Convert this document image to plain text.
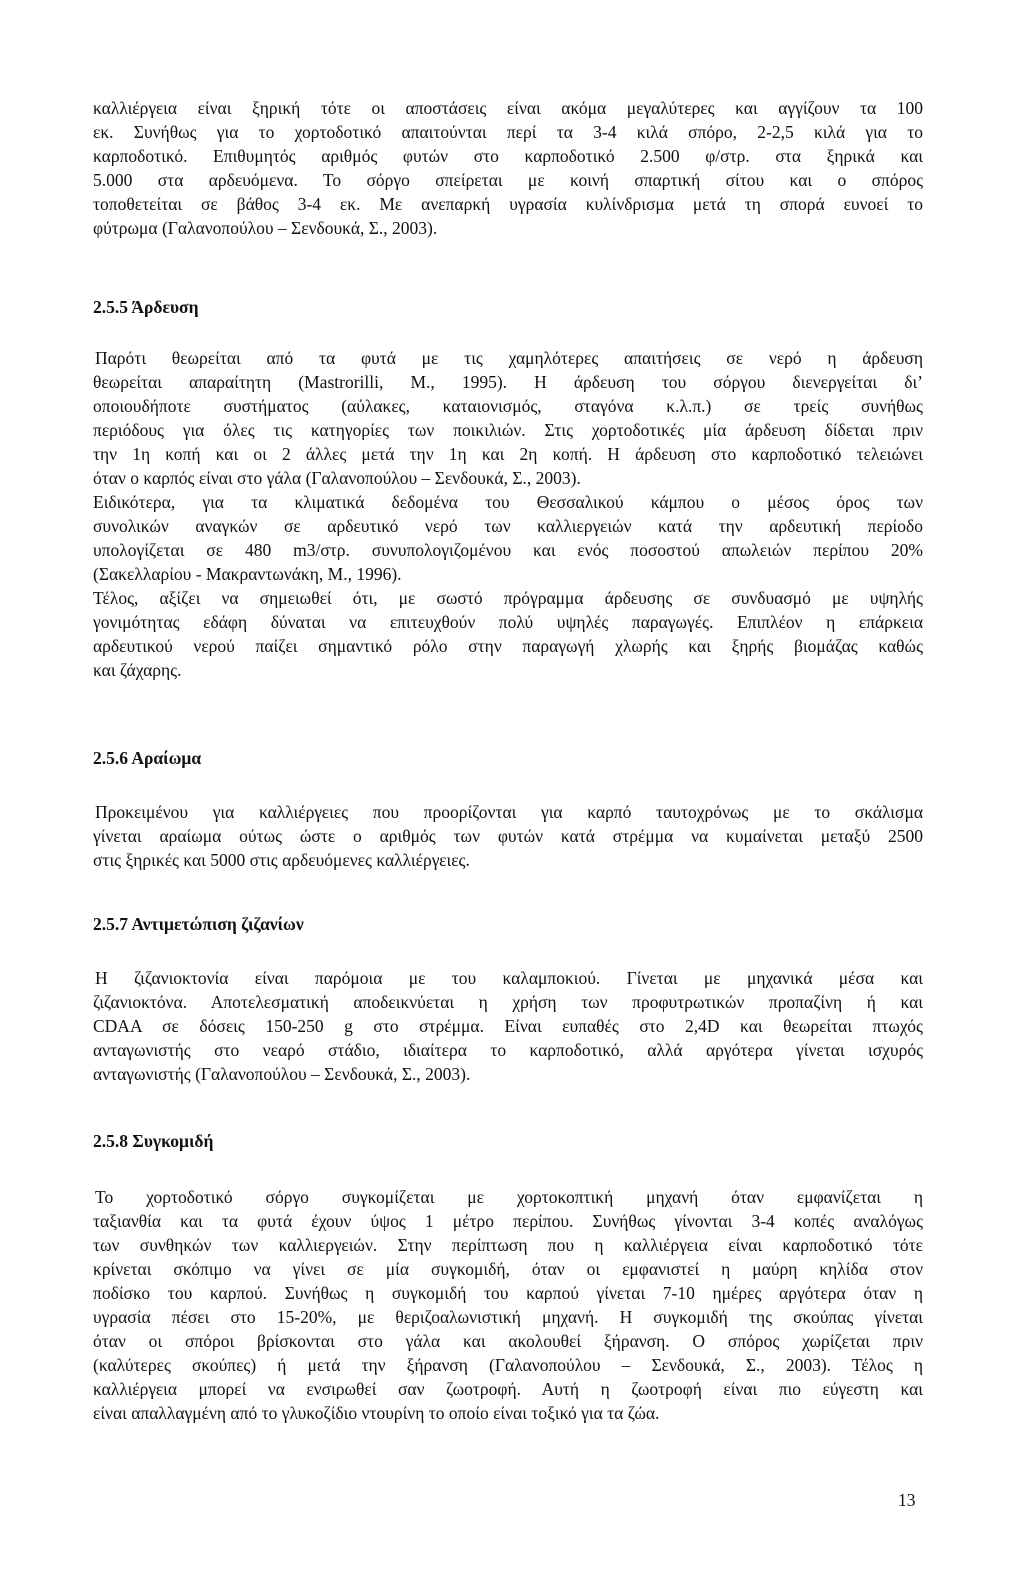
καλλιέργεια είναι ξηρική τότε οι αποστάσεις είναι ακόμα μεγαλύτερες και αγγίζουν τα 100
εκ. Συνήθως για το χορτοδοτικό απαιτούνται περί τα 3-4 κιλά σπόρο, 2-2,5 κιλά για το
καρποδοτικό. Επιθυμητός αριθμός φυτών στο καρποδοτικό 2.500 φ/στρ. στα ξηρικά και
5.000 στα αρδευόμενα. Το σόργο σπείρεται με κοινή σπαρτική σίτου και ο σπόρος
τοποθετείται σε βάθος 3-4 εκ. Με ανεπαρκή υγρασία κυλίνδρισμα μετά τη σπορά ευνοεί το
φύτρωμα (Γαλανοπούλου – Σενδουκά, Σ., 2003).
2.5.5 Άρδευση
Παρότι θεωρείται από τα φυτά με τις χαμηλότερες απαιτήσεις σε νερό η άρδευση
θεωρείται απαραίτητη (Mastrorilli, M., 1995). Η άρδευση του σόργου διενεργείται δι’
οποιουδήποτε συστήματος (αύλακες, καταιονισμός, σταγόνα κ.λ.π.) σε τρείς συνήθως
περιόδους για όλες τις κατηγορίες των ποικιλιών. Στις χορτοδοτικές μία άρδευση δίδεται πριν
την 1η κοπή και οι 2 άλλες μετά την 1η και 2η κοπή. Η άρδευση στο καρποδοτικό τελειώνει
όταν ο καρπός είναι στο γάλα (Γαλανοπούλου – Σενδουκά, Σ., 2003).
Ειδικότερα, για τα κλιματικά δεδομένα του Θεσσαλικού κάμπου ο μέσος όρος των
συνολικών αναγκών σε αρδευτικό νερό των καλλιεργειών κατά την αρδευτική περίοδο
υπολογίζεται σε 480 m3/στρ. συνυπολογιζομένου και ενός ποσοστού απωλειών περίπου 20%
(Σακελλαρίου - Μακραντωνάκη, Μ., 1996).
Τέλος, αξίζει να σημειωθεί ότι, με σωστό πρόγραμμα άρδευσης σε συνδυασμό με υψηλής
γονιμότητας εδάφη δύναται να επιτευχθούν πολύ υψηλές παραγωγές. Επιπλέον η επάρκεια
αρδευτικού νερού παίζει σημαντικό ρόλο στην παραγωγή χλωρής και ξηρής βιομάζας καθώς
και ζάχαρης.
2.5.6 Αραίωμα
Προκειμένου για καλλιέργειες που προορίζονται για καρπό ταυτοχρόνως με το σκάλισμα
γίνεται αραίωμα ούτως ώστε ο αριθμός των φυτών κατά στρέμμα να κυμαίνεται μεταξύ 2500
στις ξηρικές και 5000 στις αρδευόμενες καλλιέργειες.
2.5.7 Αντιμετώπιση ζιζανίων
Η ζιζανιοκτονία είναι παρόμοια με του καλαμποκιού. Γίνεται με μηχανικά μέσα και
ζιζανιοκτόνα. Αποτελεσματική αποδεικνύεται η χρήση των προφυτρωτικών προπαζίνη ή και
CDAA σε δόσεις 150-250 g στο στρέμμα. Είναι ευπαθές στο 2,4D και θεωρείται πτωχός
ανταγωνιστής στο νεαρό στάδιο, ιδιαίτερα το καρποδοτικό, αλλά αργότερα γίνεται ισχυρός
ανταγωνιστής (Γαλανοπούλου – Σενδουκά, Σ., 2003).
2.5.8 Συγκομιδή
Το χορτοδοτικό σόργο συγκομίζεται με χορτοκοπτική μηχανή όταν εμφανίζεται η
ταξιανθία και τα φυτά έχουν ύψος 1 μέτρο περίπου. Συνήθως γίνονται 3-4 κοπές αναλόγως
των συνθηκών των καλλιεργειών. Στην περίπτωση που η καλλιέργεια είναι καρποδοτικό τότε
κρίνεται σκόπιμο να γίνει σε μία συγκομιδή, όταν οι εμφανιστεί η μαύρη κηλίδα στον
ποδίσκο του καρπού. Συνήθως η συγκομιδή του καρπού γίνεται 7-10 ημέρες αργότερα όταν η
υγρασία πέσει στο 15-20%, με θεριζοαλωνιστική μηχανή. Η συγκομιδή της σκούπας γίνεται
όταν οι σπόροι βρίσκονται στο γάλα και ακολουθεί ξήρανση. Ο σπόρος χωρίζεται πριν
(καλύτερες σκούπες) ή μετά την ξήρανση (Γαλανοπούλου – Σενδουκά, Σ., 2003). Τέλος η
καλλιέργεια μπορεί να ενσιρωθεί σαν ζωοτροφή. Αυτή η ζωοτροφή είναι πιο εύγεστη και
είναι απαλλαγμένη από το γλυκοζίδιο ντουρίνη το οποίο είναι τοξικό για τα ζώα.
13
